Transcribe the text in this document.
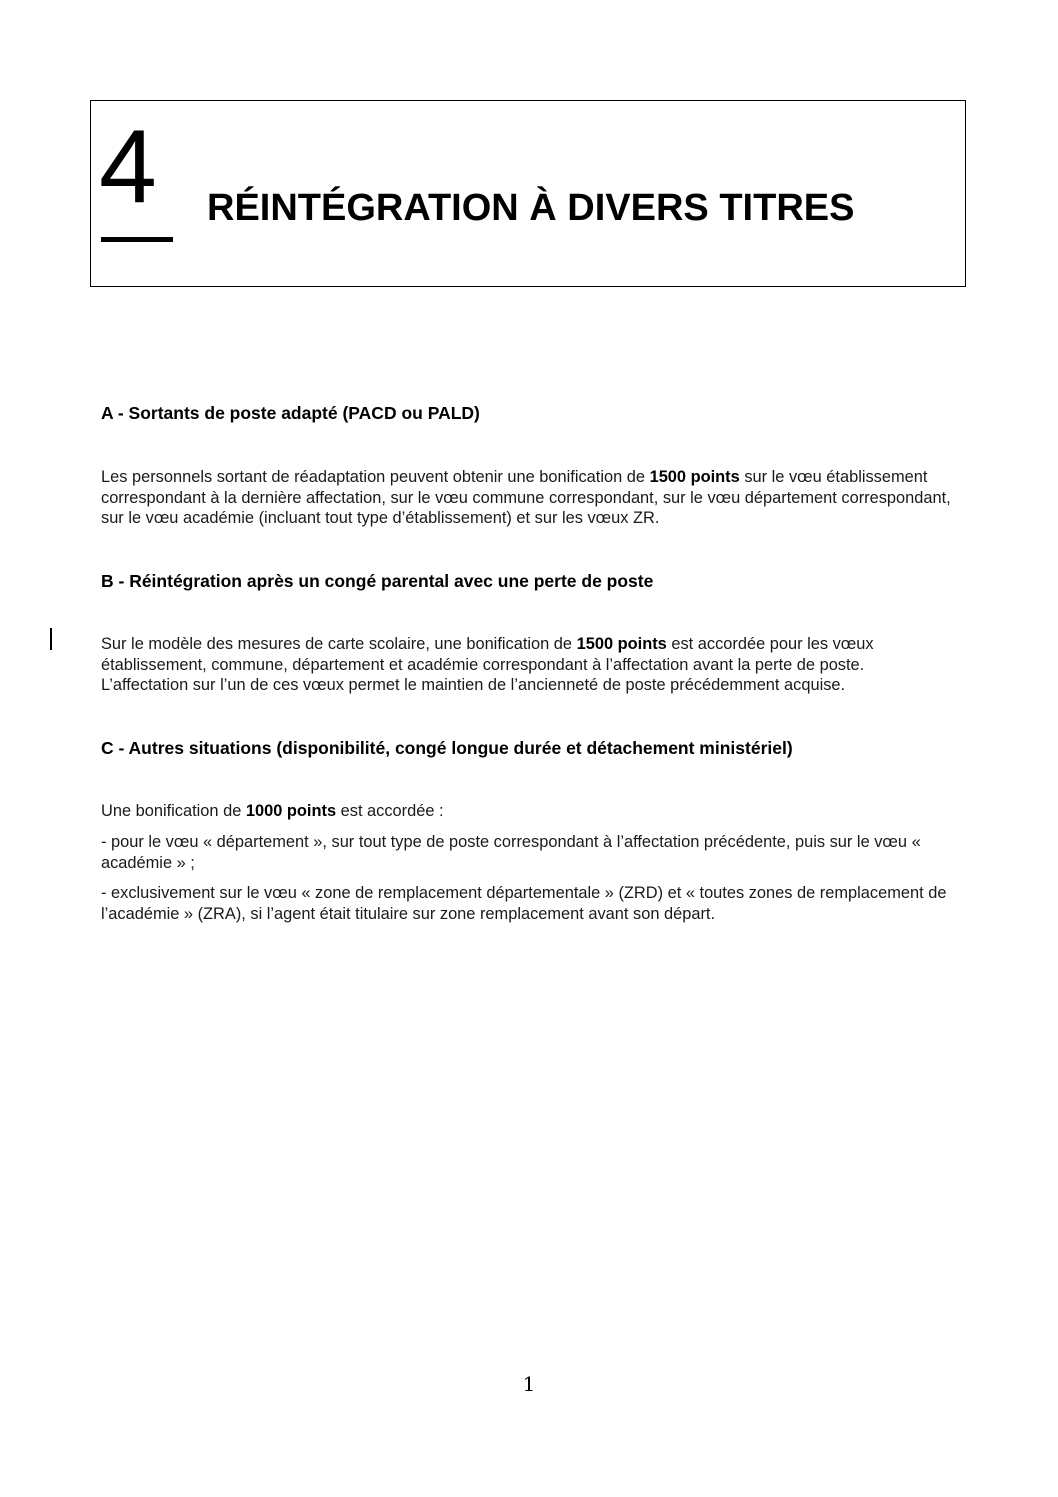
4 RÉINTÉGRATION À DIVERS TITRES
A - Sortants de poste adapté (PACD ou PALD)

Les personnels sortant de réadaptation peuvent obtenir une bonification de 1500 points sur le vœu établissement correspondant à la dernière affectation, sur le vœu commune correspondant, sur le vœu département correspondant, sur le vœu académie (incluant tout type d’établissement) et sur les vœux ZR.

B - Réintégration après un congé parental avec une perte de poste

Sur le modèle des mesures de carte scolaire, une bonification de 1500 points est accordée pour les vœux établissement, commune, département et académie correspondant à l’affectation avant la perte de poste. L’affectation sur l’un de ces vœux permet le maintien de l’ancienneté de poste précédemment acquise.

C - Autres situations (disponibilité, congé longue durée et détachement ministériel)

Une bonification de 1000 points est accordée :

- pour le vœu « département », sur tout type de poste correspondant à l’affectation précédente, puis sur le vœu « académie » ;

- exclusivement sur le vœu « zone de remplacement départementale » (ZRD) et « toutes zones de remplacement de l’académie » (ZRA), si l’agent était titulaire sur zone remplacement avant son départ.

1
